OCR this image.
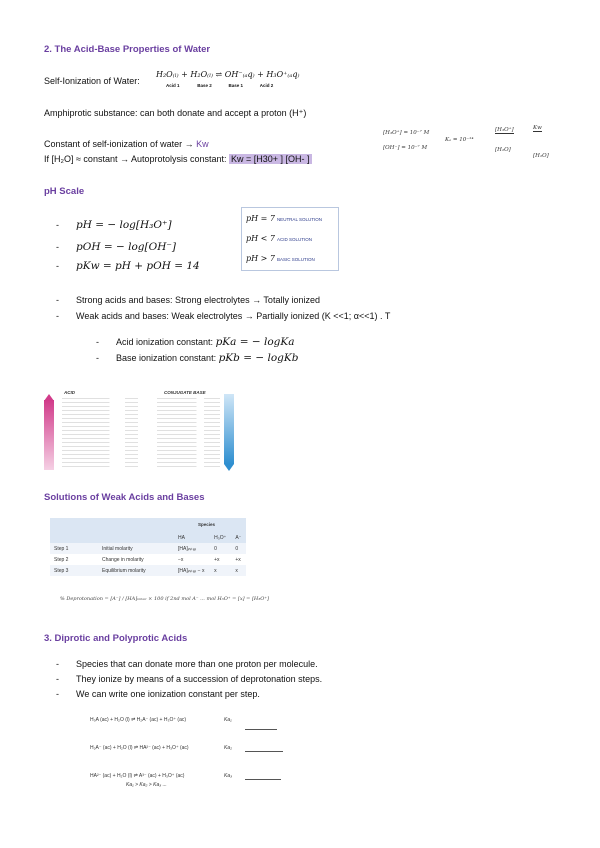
2. The Acid-Base Properties of Water
Self-Ionization of Water:
H₂O₍ₗ₎ + H₂O₍ₗ₎ ⇌ OH⁻₍ₐq₎ + H₃O⁺₍ₐq₎
Acid 1	Base 2	Base 1	Acid 2
Amphiprotic substance: can both donate and accept a proton (H⁺)
Constant of self-ionization of water → Kw
If [H₂O] ≈ constant → Autoprotolysis constant: Kw = [H30+ ] [OH- ]
[H₃O⁺] = 10⁻⁷ M
[OH⁻] = 10⁻⁷ M
Kₐ = 10⁻¹⁴
[H₃O⁺]
[H₂O]
Kw
[H₂O]
pH Scale
- pH = − log[H₃O⁺]
- pOH = − log[OH⁻]
- pKw = pH + pOH = 14
pH = 7 NEUTRAL SOLUTION
pH < 7 ACID SOLUTION
pH > 7 BASIC SOLUTION
- Strong acids and bases: Strong electrolytes → Totally ionized
- Weak acids and bases: Weak electrolytes → Partially ionized (K <<1; α<<1) . T
- Acid ionization constant: pKa = − logKa
- Base ionization constant: pKb = − logKb
ACID	CONJUGATE BASE
Solutions of Weak Acids and Bases
Species
		HA	H₃O⁺	A⁻
Step 1	Initial molarity	[HA]ᵢₙᵢₜᵢₐₗ	0	0
Step 2	Change in molarity	−x	+x	+x
Step 3	Equilibrium molarity	[HA]ᵢₙᵢₜᵢₐₗ − x	x	x
% Deprotonation = [A⁻] / [HA]ᵢₙᵢₜᵢₐₗ × 100 if 2nd mol A⁻ ... mol H₃O⁺ = [x] = [H₃O⁺]
3. Diprotic and Polyprotic Acids
- Species that can donate more than one proton per molecule.
- They ionize by means of a succession of deprotonation steps.
- We can write one ionization constant per step.
H₃A (ac) + H₂O (l) ⇌ H₂A⁻ (ac) + H₃O⁺ (ac)	Ka₁
H₂A⁻ (ac) + H₂O (l) ⇌ HA²⁻ (ac) + H₃O⁺ (ac)	Ka₂
HA²⁻ (ac) + H₂O (l) ⇌ A³⁻ (ac) + H₃O⁺ (ac)	Ka₃
Ka₁ > Ka₂ > Ka₃ ...
